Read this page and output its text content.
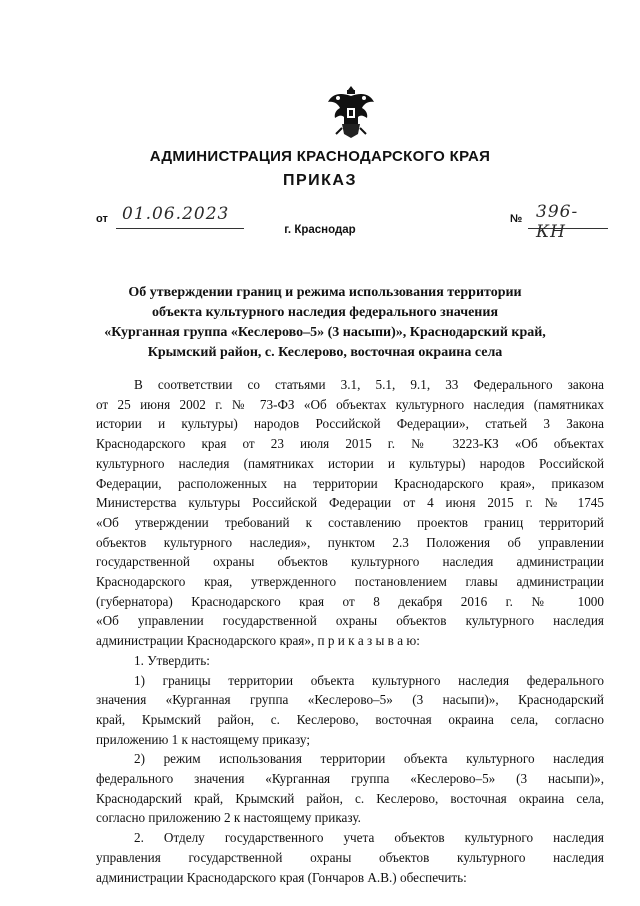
АДМИНИСТРАЦИЯ КРАСНОДАРСКОГО КРАЯ
ПРИКАЗ
от 01.06.2023	№ 396-КН
г. Краснодар
Об утверждении границ и режима использования территории
объекта культурного наследия федерального значения
«Курганная группа «Кеслерово–5» (3 насыпи)», Краснодарский край,
Крымский район, с. Кеслерово, восточная окраина села
В соответствии со статьями 3.1, 5.1, 9.1, 33 Федерального закона
от 25 июня 2002 г. № 73-ФЗ «Об объектах культурного наследия (памятниках
истории и культуры) народов Российской Федерации», статьей 3 Закона
Краснодарского края от 23 июля 2015 г. № 3223-КЗ «Об объектах
культурного наследия (памятниках истории и культуры) народов Российской
Федерации, расположенных на территории Краснодарского края», приказом
Министерства культуры Российской Федерации от 4 июня 2015 г. № 1745
«Об утверждении требований к составлению проектов границ территорий
объектов культурного наследия», пунктом 2.3 Положения об управлении
государственной охраны объектов культурного наследия администрации
Краснодарского края, утвержденного постановлением главы администрации
(губернатора) Краснодарского края от 8 декабря 2016 г. № 1000
«Об управлении государственной охраны объектов культурного наследия
администрации Краснодарского края», п р и к а з ы в а ю:
1. Утвердить:
1) границы территории объекта культурного наследия федерального
значения «Курганная группа «Кеслерово–5» (3 насыпи)», Краснодарский
край, Крымский район, с. Кеслерово, восточная окраина села, согласно
приложению 1 к настоящему приказу;
2) режим использования территории объекта культурного наследия
федерального значения «Курганная группа «Кеслерово–5» (3 насыпи)»,
Краснодарский край, Крымский район, с. Кеслерово, восточная окраина села,
согласно приложению 2 к настоящему приказу.
2. Отделу государственного учета объектов культурного наследия
управления государственной охраны объектов культурного наследия
администрации Краснодарского края (Гончаров А.В.) обеспечить:
